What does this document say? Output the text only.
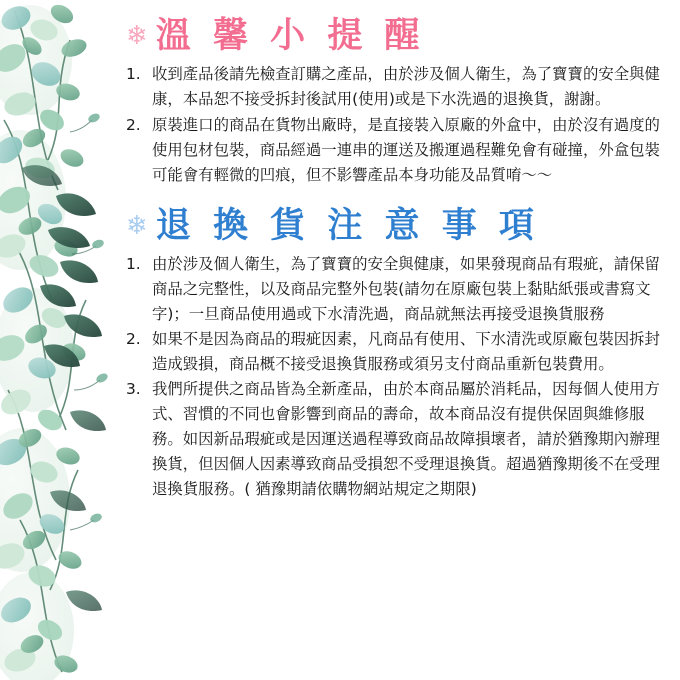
❄ 溫 馨 小 提 醒
收到產品後請先檢查訂購之產品，由於涉及個人衛生，為了寶寶的安全與健康，本品恕不接受拆封後試用(使用)或是下水洗過的退換貨，謝謝。
原裝進口的商品在貨物出廠時，是直接裝入原廠的外盒中，由於沒有過度的使用包材包裝，商品經過一連串的運送及搬運過程難免會有碰撞，外盒包裝可能會有輕微的凹痕，但不影響產品本身功能及品質唷～～
❄ 退 換 貨 注 意 事 項
由於涉及個人衛生，為了寶寶的安全與健康，如果發現商品有瑕疵，請保留商品之完整性，以及商品完整外包裝(請勿在原廠包裝上黏貼紙張或書寫文字)；一旦商品使用過或下水清洗過，商品就無法再接受退換貨服務
如果不是因為商品的瑕疵因素，凡商品有使用、下水清洗或原廠包裝因拆封造成毀損，商品概不接受退換貨服務或須另支付商品重新包裝費用。
我們所提供之商品皆為全新產品，由於本商品屬於消耗品，因每個人使用方式、習慣的不同也會影響到商品的壽命，故本商品沒有提供保固與維修服務。如因新品瑕疵或是因運送過程導致商品故障損壞者，請於猶豫期內辦理換貨，但因個人因素導致商品受損恕不受理退換貨。超過猶豫期後不在受理退換貨服務。( 猶豫期請依購物網站規定之期限)
